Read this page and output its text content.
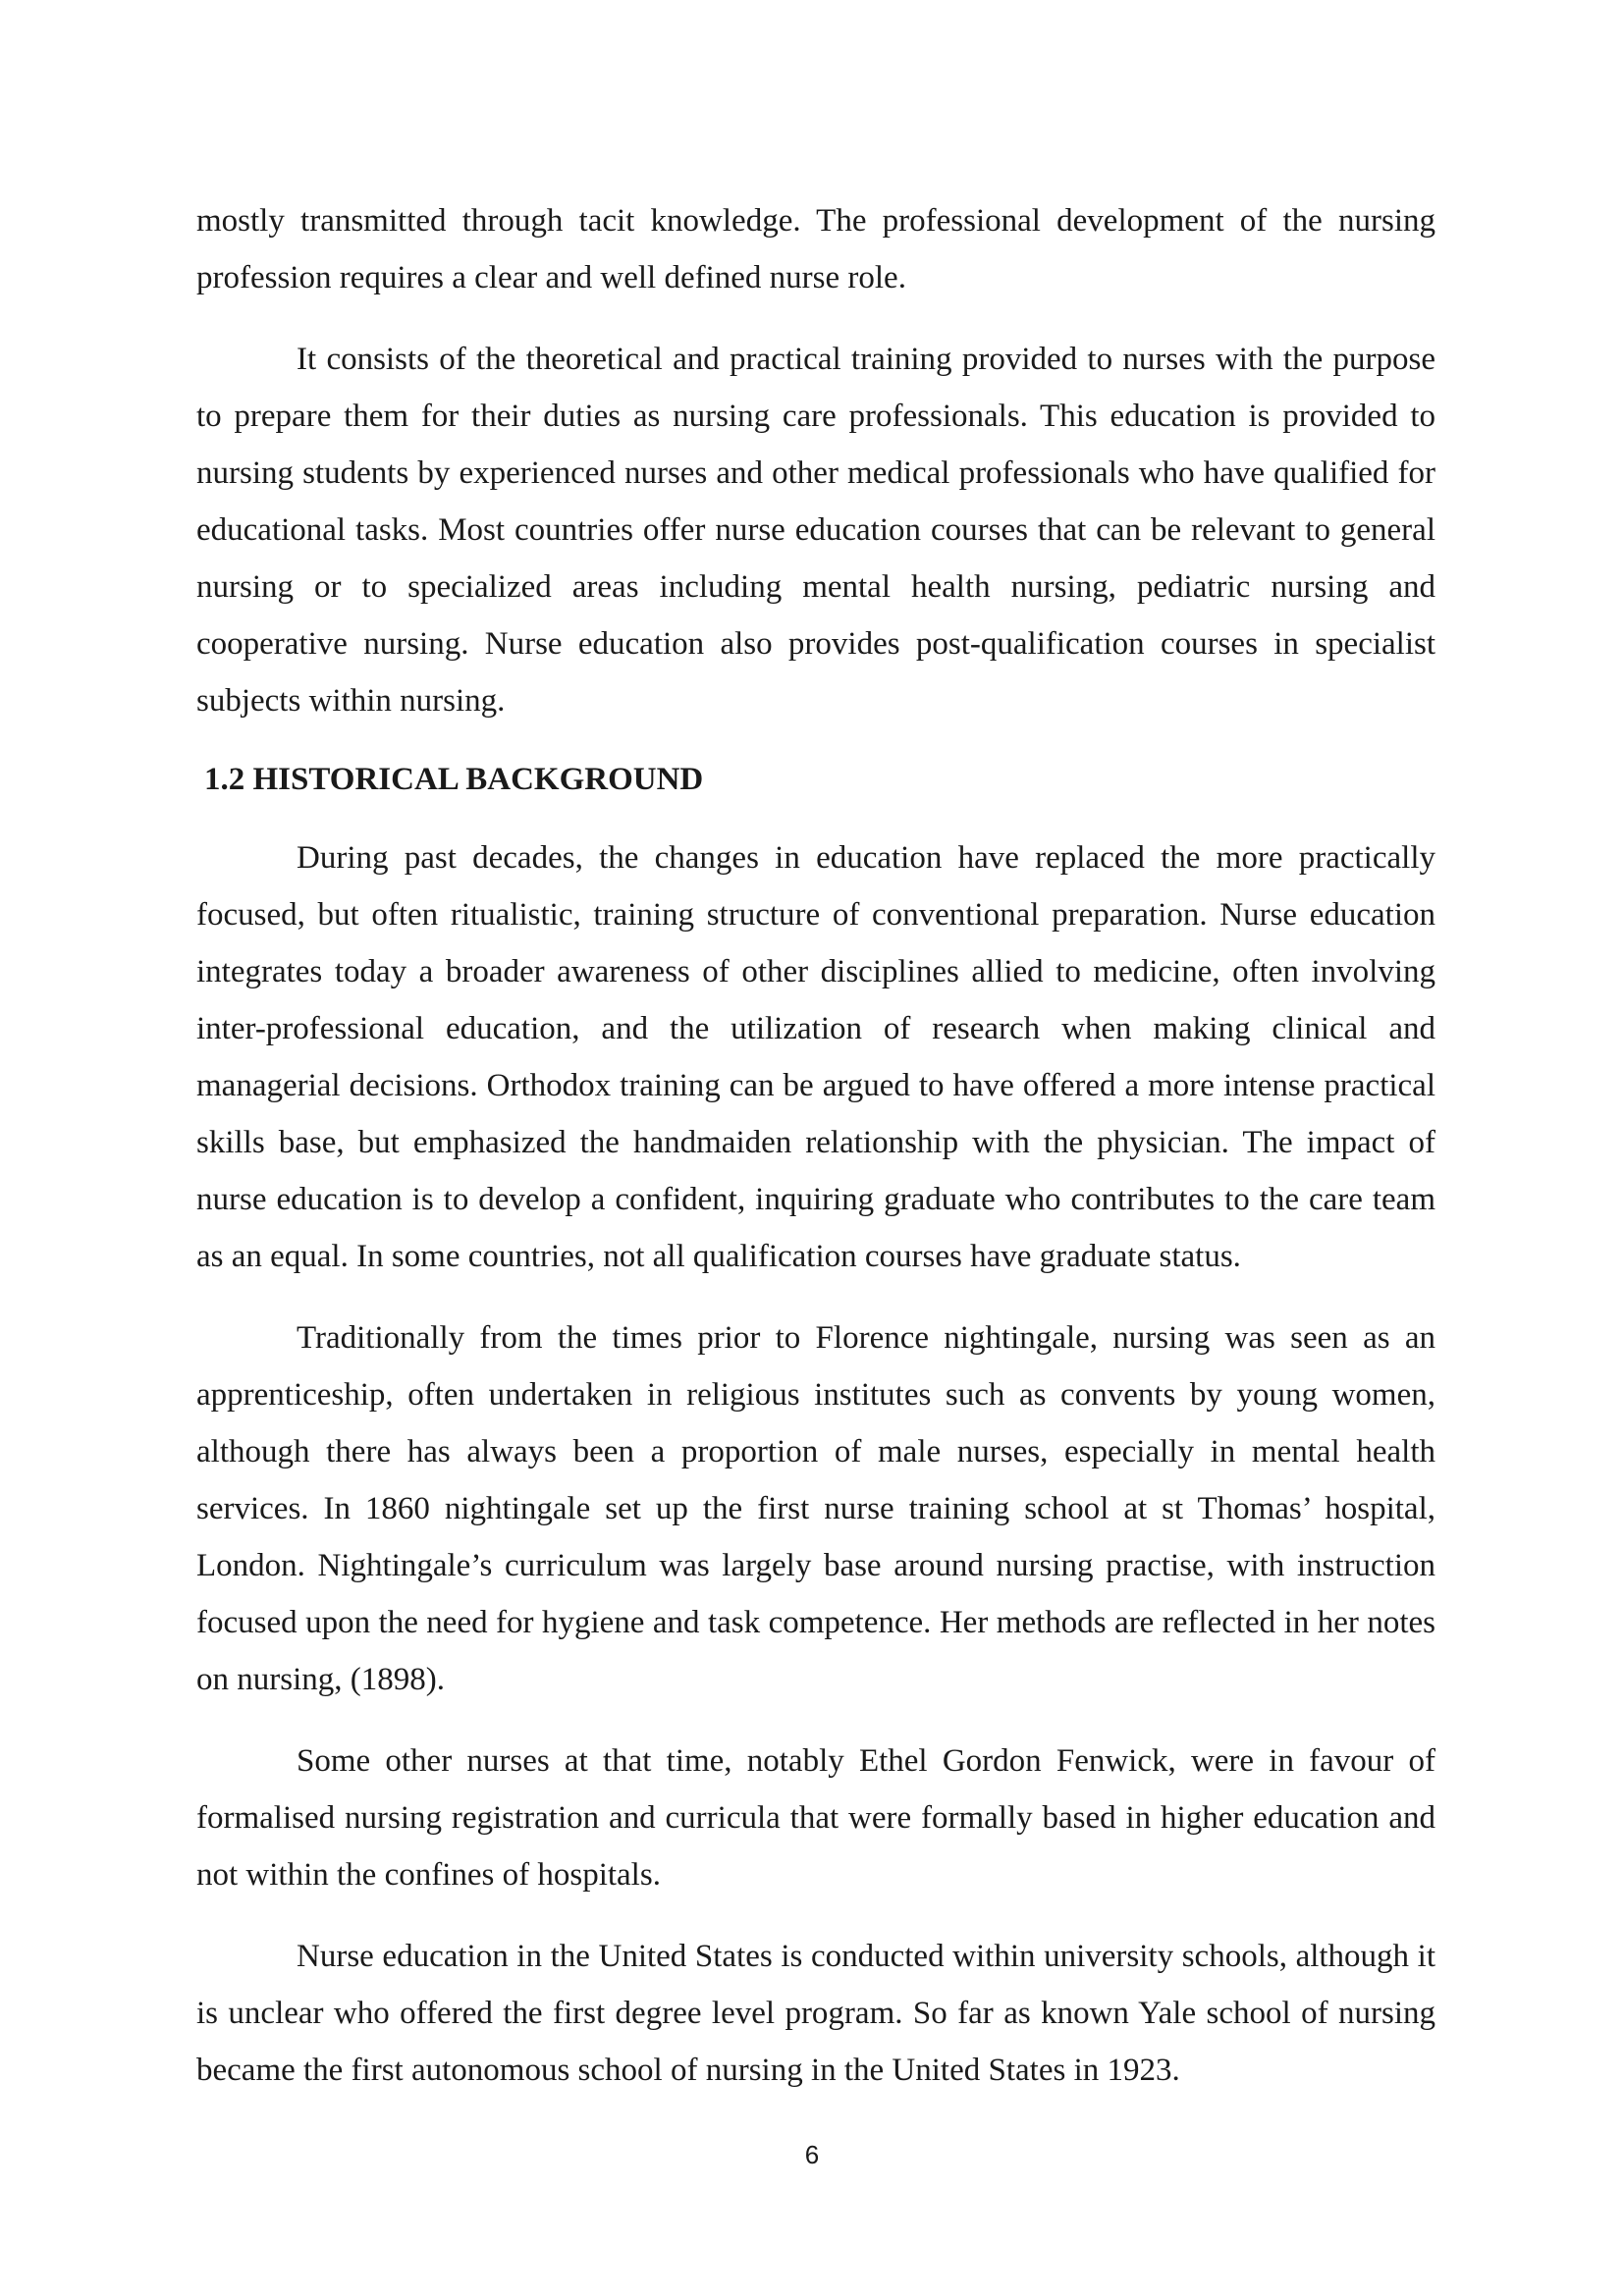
mostly transmitted through tacit knowledge. The professional development of the nursing profession requires a clear and well defined nurse role.

It consists of the theoretical and practical training provided to nurses with the purpose to prepare them for their duties as nursing care professionals. This education is provided to nursing students by experienced nurses and other medical professionals who have qualified for educational tasks. Most countries offer nurse education courses that can be relevant to general nursing or to specialized areas including mental health nursing, pediatric nursing and cooperative nursing. Nurse education also provides post-qualification courses in specialist subjects within nursing.

1.2 HISTORICAL BACKGROUND

During past decades, the changes in education have replaced the more practically focused, but often ritualistic, training structure of conventional preparation. Nurse education integrates today a broader awareness of other disciplines allied to medicine, often involving inter-professional education, and the utilization of research when making clinical and managerial decisions. Orthodox training can be argued to have offered a more intense practical skills base, but emphasized the handmaiden relationship with the physician. The impact of nurse education is to develop a confident, inquiring graduate who contributes to the care team as an equal. In some countries, not all qualification courses have graduate status.

Traditionally from the times prior to Florence nightingale, nursing was seen as an apprenticeship, often undertaken in religious institutes such as convents by young women, although there has always been a proportion of male nurses, especially in mental health services. In 1860 nightingale set up the first nurse training school at st Thomas’ hospital, London. Nightingale’s curriculum was largely base around nursing practise, with instruction focused upon the need for hygiene and task competence. Her methods are reflected in her notes on nursing, (1898).

Some other nurses at that time, notably Ethel Gordon Fenwick, were in favour of formalised nursing registration and curricula that were formally based in higher education and not within the confines of hospitals.

Nurse education in the United States is conducted within university schools, although it is unclear who offered the first degree level program. So far as known Yale school of nursing became the first autonomous school of nursing in the United States in 1923.

6
